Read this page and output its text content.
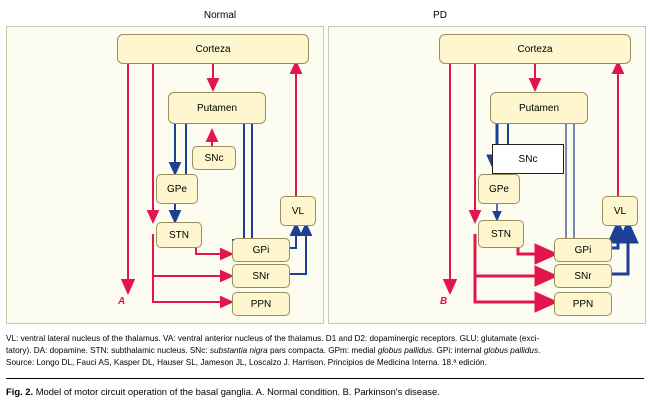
Normal	PD
Corteza
Putamen
SNc
GPe
STN
VL
GPi
SNr
PPN
A
Corteza
Putamen
SNc
GPe
STN
VL
GPi
SNr
PPN
B
VL: ventral lateral nucleus of the thalamus. VA: ventral anterior nucleus of the thalamus. D1 and D2: dopaminergic receptors. GLU: glutamate (exci-
tatory). DA: dopamine. STN: subthalamic nucleus. SNc: substantia nigra pars compacta. GPm: medial globus pallidus. GPi: internal globus pallidus.
Source: Longo DL, Fauci AS, Kasper DL, Hauser SL, Jameson JL, Loscalzo J. Harrison. Principios de Medicina Interna. 18.ª edición.
Fig. 2. Model of motor circuit operation of the basal ganglia. A. Normal condition. B. Parkinson's disease.
